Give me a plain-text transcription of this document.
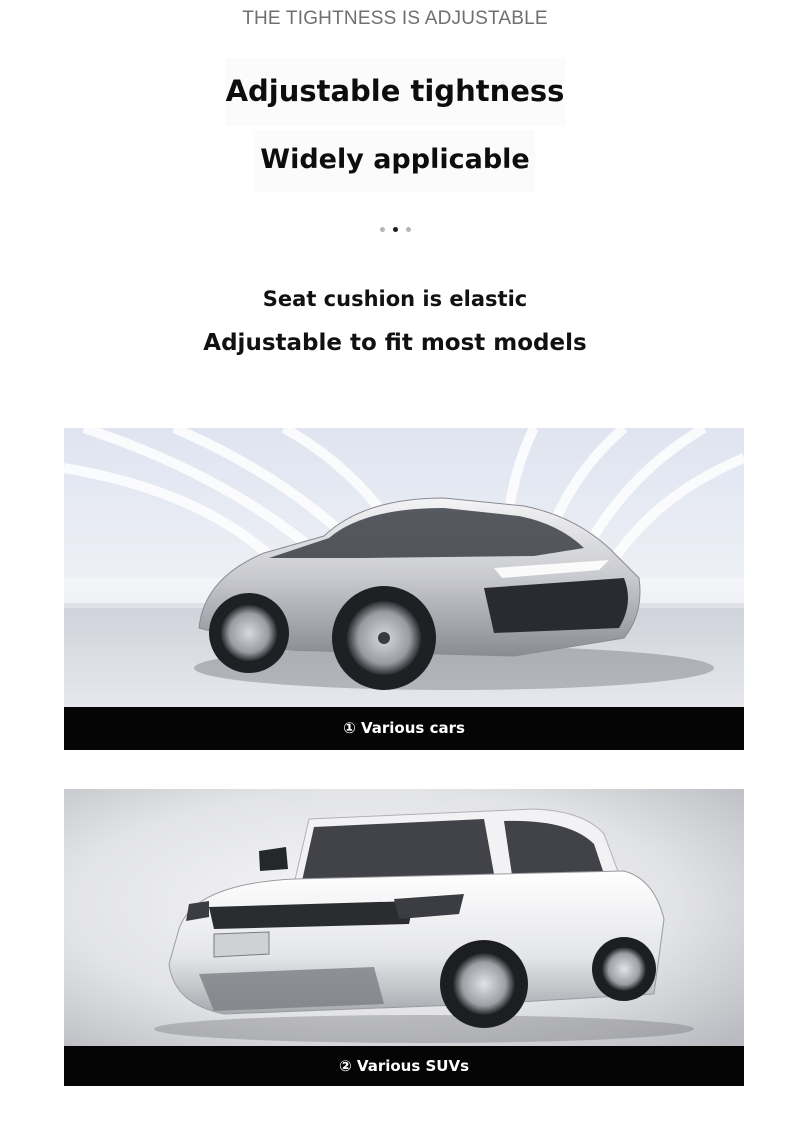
THE TIGHTNESS IS ADJUSTABLE
Adjustable tightness
Widely applicable

Seat cushion is elastic
Adjustable to fit most models
① Various cars
② Various SUVs
